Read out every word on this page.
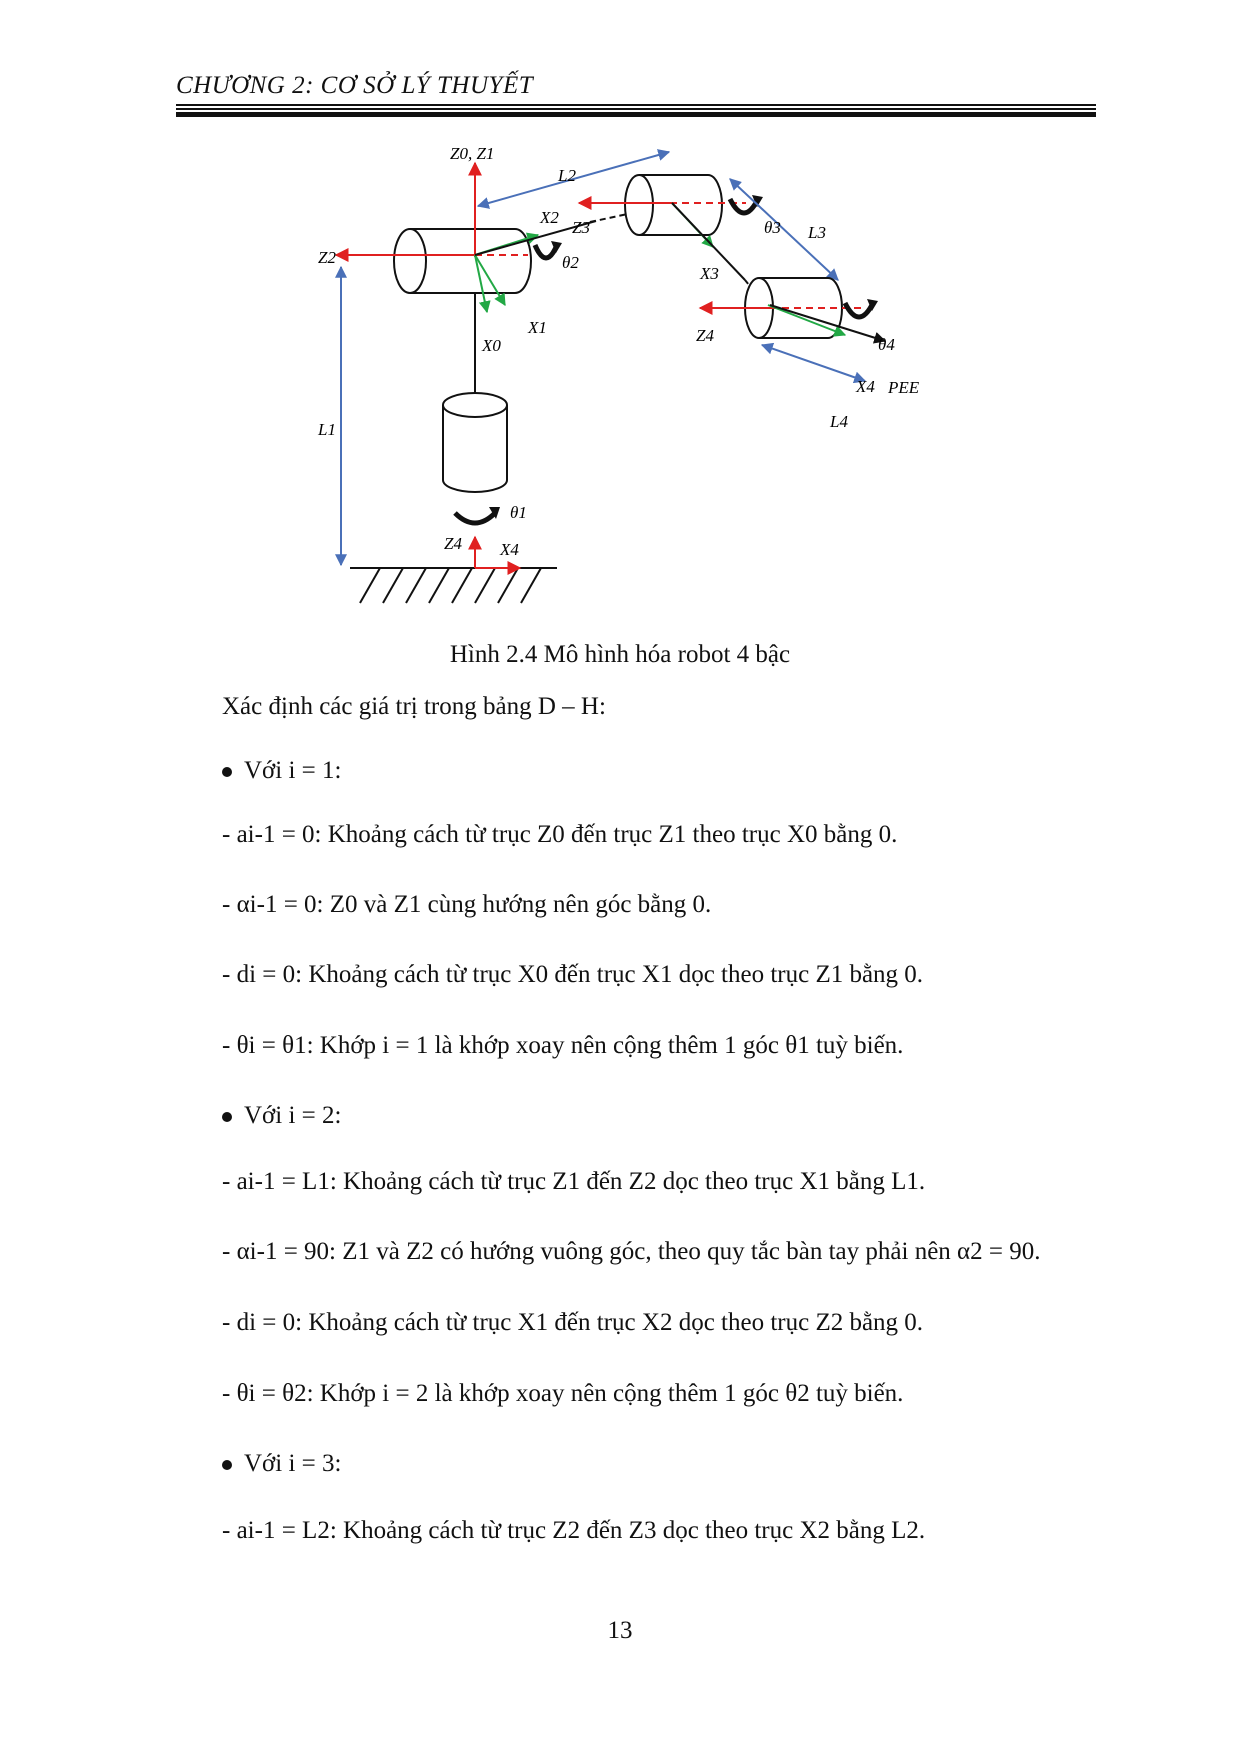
CHƯƠNG 2: CƠ SỞ LÝ THUYẾT
Z0, Z1
Z2
X2
θ2
X1
X0
L1
θ1
Z4 X4
L2
Z3	θ3 L3
X3
Z4	θ4
X4 PEE
L4
Hình 2.4 Mô hình hóa robot 4 bậc
Xác định các giá trị trong bảng D – H:
Với i = 1:
- ai-1 = 0: Khoảng cách từ trục Z0 đến trục Z1 theo trục X0 bằng 0.
- αi-1 = 0: Z0 và Z1 cùng hướng nên góc bằng 0.
- di = 0: Khoảng cách từ trục X0 đến trục X1 dọc theo trục Z1 bằng 0.
- θi = θ1: Khớp i = 1 là khớp xoay nên cộng thêm 1 góc θ1 tuỳ biến.
Với i = 2:
- ai-1 = L1: Khoảng cách từ trục Z1 đến Z2 dọc theo trục X1 bằng L1.
- αi-1 = 90: Z1 và Z2 có hướng vuông góc, theo quy tắc bàn tay phải nên α2 = 90.
- di = 0: Khoảng cách từ trục X1 đến trục X2 dọc theo trục Z2 bằng 0.
- θi = θ2: Khớp i = 2 là khớp xoay nên cộng thêm 1 góc θ2 tuỳ biến.
Với i = 3:
- ai-1 = L2: Khoảng cách từ trục Z2 đến Z3 dọc theo trục X2 bằng L2.
13
